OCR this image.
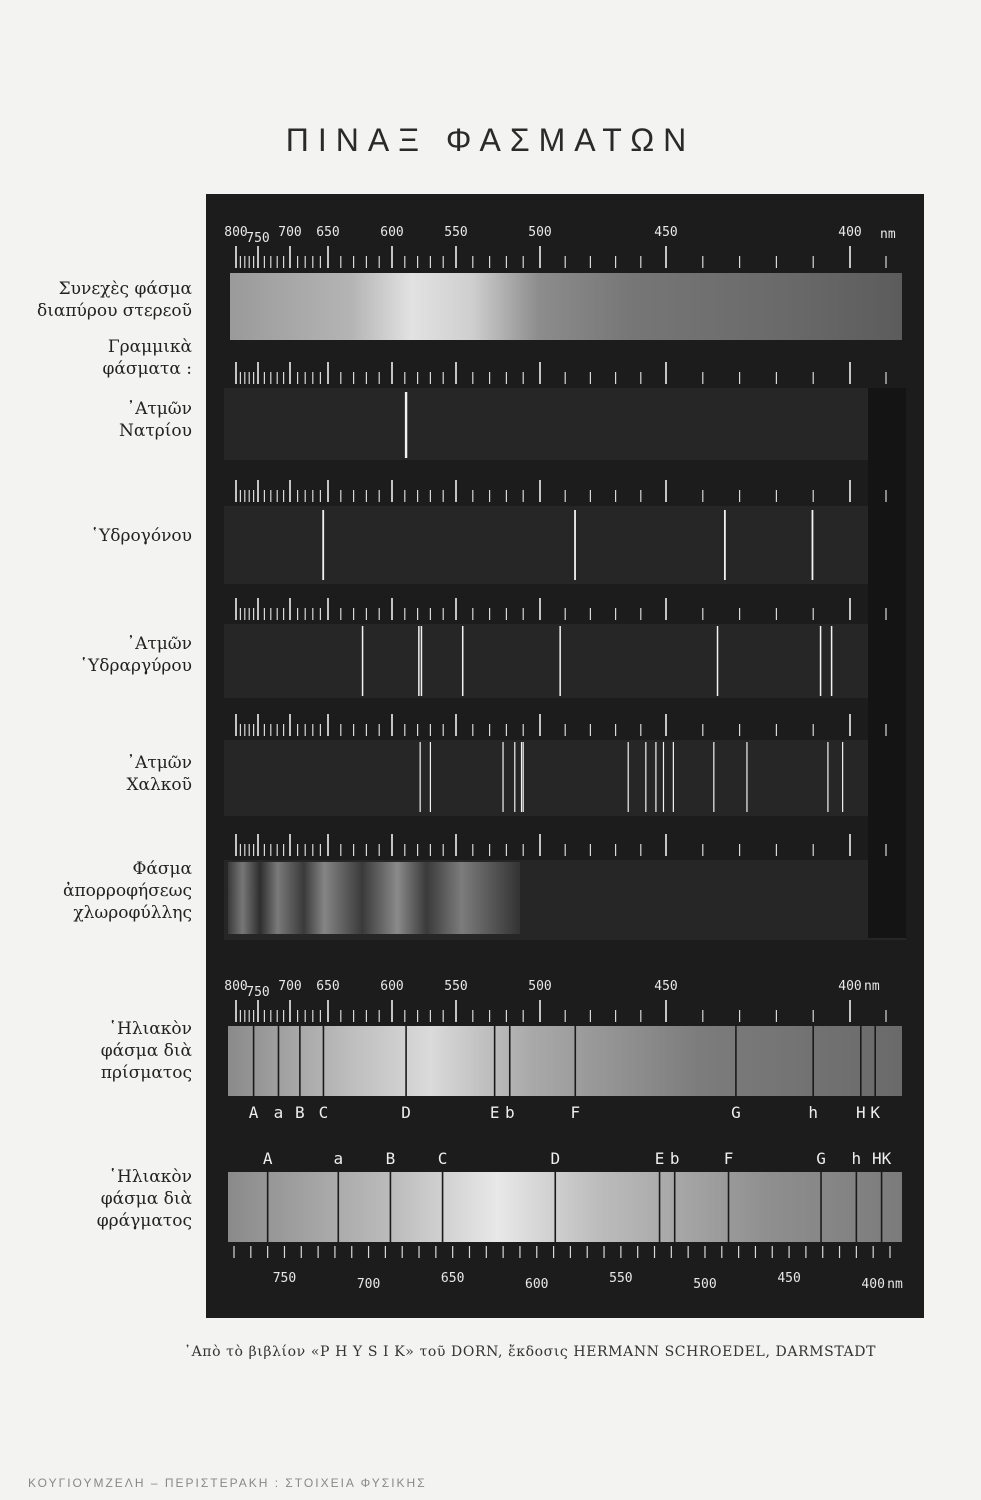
ΠΙΝΑΞ ΦΑΣΜΑΤΩΝ
Συνεχὲς φάσμα
διαπύρου στερεοῦ
Γραμμικὰ
φάσματα :
᾿Ατμῶν
Νατρίου
῾Υδρογόνου
᾿Ατμῶν
῾Υδραργύρου
᾿Ατμῶν
Χαλκοῦ
Φάσμα
ἀπορροφήσεως
χλωροφύλλης
῾Ηλιακὸν
φάσμα διὰ
πρίσματος
῾Ηλιακὸν
φάσμα διὰ
φράγματος
800
750 700 650	600	550	500	450	400 nm
800
750 700 650	600	550	500	450	400 nm
A a B C	D	E b	F	G	h H K
A	a	B	C	D	E b	F	G h HK
750	700	650	600	550	500	450	400 nm
᾿Απὸ τὸ βιβλίον «P H Y S I K» τοῦ DORN, ἔκδοσις HERMANN SCHROEDEL, DARMSTADT
ΚΟΥΓΙΟΥΜΖΕΛΗ – ΠΕΡΙΣΤΕΡΑΚΗ : ΣΤΟΙΧΕΙΑ ΦΥΣΙΚΗΣ
